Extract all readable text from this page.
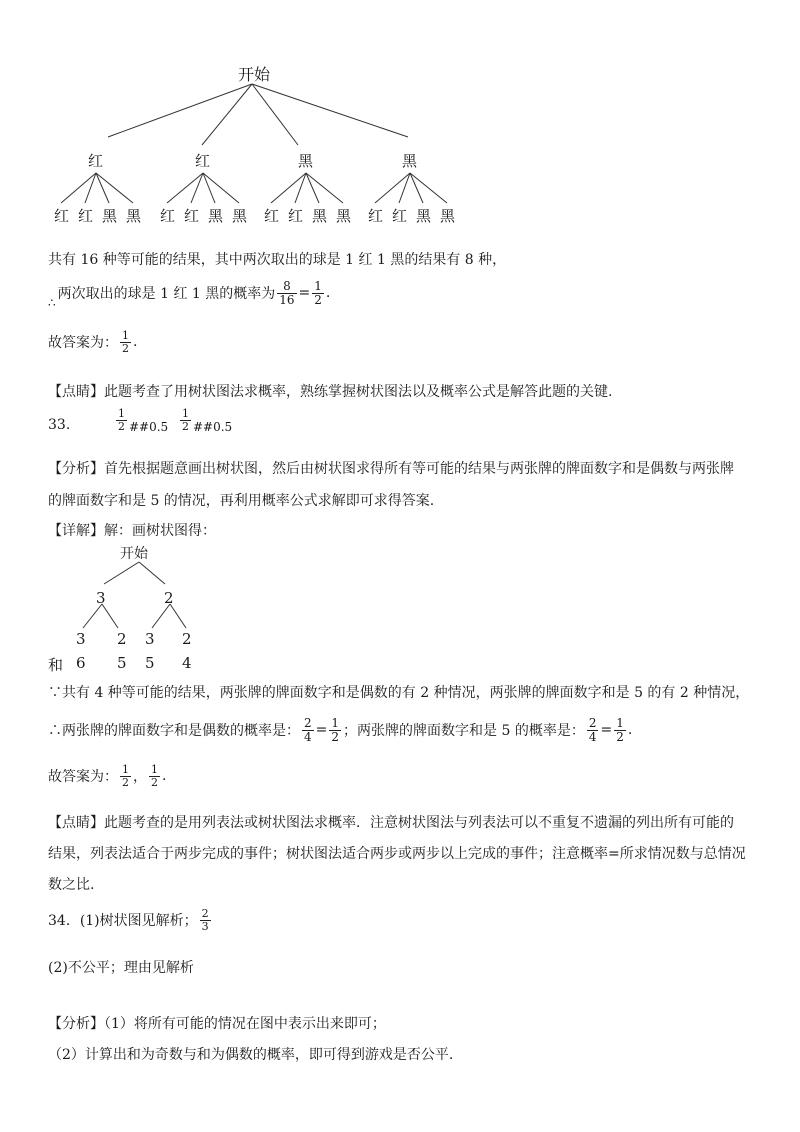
开始
红	红	黑	黑
红 红 黑 黑 红 红 黑 黑 红 红 黑 黑 红 红 黑 黑
共有 16 种等可能的结果，其中两次取出的球是 1 红 1 黑的结果有 8 种，
∴
两次取出的球是 1 红 1 黑的概率为 $\frac{8}{16} = \frac{1}{2}$ .
故答案为： $\frac{1}{2}$ .
【点睛】此题考查了用树状图法求概率，熟练掌握树状图法以及概率公式是解答此题的关键.
33.	$\frac{1}{2}$ ##0.5 $\frac{1}{2}$ ##0.5
【分析】首先根据题意画出树状图，然后由树状图求得所有等可能的结果与两张牌的牌面数字和是偶数与两张牌
的牌面数字和是 5 的情况，再利用概率公式求解即可求得答案.
【详解】解：画树状图得：
开始
3	2
3 2 3 2
和 6 5 5 4
∵共有 4 种等可能的结果，两张牌的牌面数字和是偶数的有 2 种情况，两张牌的牌面数字和是 5 的有 2 种情况，
∴两张牌的牌面数字和是偶数的概率是： $\frac{2}{4} = \frac{1}{2}$ ；两张牌的牌面数字和是 5 的概率是： $\frac{2}{4} = \frac{1}{2}$ .
故答案为： $\frac{1}{2}$ ， $\frac{1}{2}$ .
【点睛】此题考查的是用列表法或树状图法求概率．注意树状图法与列表法可以不重复不遗漏的列出所有可能的
结果，列表法适合于两步完成的事件；树状图法适合两步或两步以上完成的事件；注意概率=所求情况数与总情况
数之比.
34．(1)树状图见解析； $\frac{2}{3}$
(2)不公平；理由见解析
【分析】（1）将所有可能的情况在图中表示出来即可；
（2）计算出和为奇数与和为偶数的概率，即可得到游戏是否公平.
